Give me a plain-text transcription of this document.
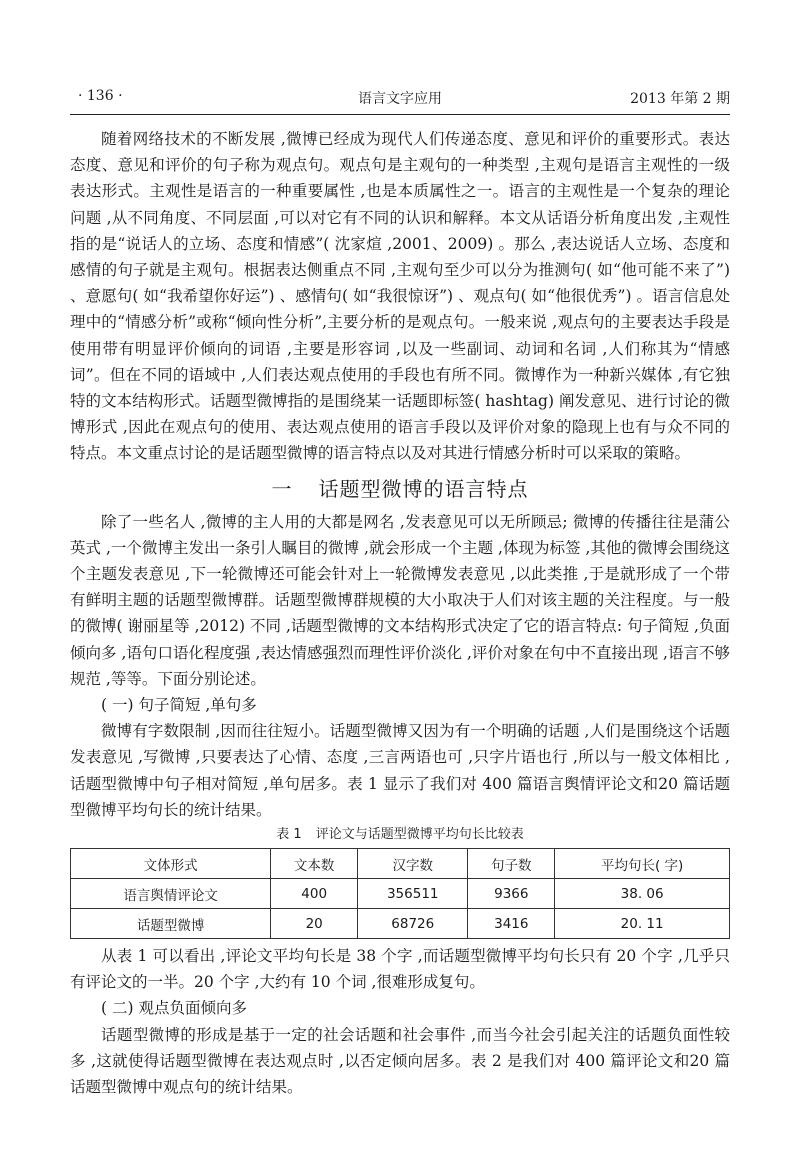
· 136 ·	语言文字应用	2013 年第 2 期

随着网络技术的不断发展 ,微博已经成为现代人们传递态度、意见和评价的重要形式。表达态度、意见和评价的句子称为观点句。观点句是主观句的一种类型 ,主观句是语言主观性的一级表达形式。主观性是语言的一种重要属性 ,也是本质属性之一。语言的主观性是一个复杂的理论问题 ,从不同角度、不同层面 ,可以对它有不同的认识和解释。本文从话语分析角度出发 ,主观性指的是“说话人的立场、态度和情感”( 沈家煊 ,2001、2009) 。那么 ,表达说话人立场、态度和感情的句子就是主观句。根据表达侧重点不同 ,主观句至少可以分为推测句( 如“他可能不来了”) 、意愿句( 如“我希望你好运”) 、感情句( 如“我很惊讶”) 、观点句( 如“他很优秀”) 。语言信息处理中的“情感分析”或称“倾向性分析”,主要分析的是观点句。一般来说 ,观点句的主要表达手段是使用带有明显评价倾向的词语 ,主要是形容词 ,以及一些副词、动词和名词 ,人们称其为“情感词”。但在不同的语域中 ,人们表达观点使用的手段也有所不同。微博作为一种新兴媒体 ,有它独特的文本结构形式。话题型微博指的是围绕某一话题即标签( hashtag) 阐发意见、进行讨论的微博形式 ,因此在观点句的使用、表达观点使用的语言手段以及评价对象的隐现上也有与众不同的特点。本文重点讨论的是话题型微博的语言特点以及对其进行情感分析时可以采取的策略。

一 话题型微博的语言特点

除了一些名人 ,微博的主人用的大都是网名 ,发表意见可以无所顾忌; 微博的传播往往是蒲公英式 ,一个微博主发出一条引人瞩目的微博 ,就会形成一个主题 ,体现为标签 ,其他的微博会围绕这个主题发表意见 ,下一轮微博还可能会针对上一轮微博发表意见 ,以此类推 ,于是就形成了一个带有鲜明主题的话题型微博群。话题型微博群规模的大小取决于人们对该主题的关注程度。与一般的微博( 谢丽星等 ,2012) 不同 ,话题型微博的文本结构形式决定了它的语言特点: 句子简短 ,负面倾向多 ,语句口语化程度强 ,表达情感强烈而理性评价淡化 ,评价对象在句中不直接出现 ,语言不够规范 ,等等。下面分别论述。

( 一) 句子简短 ,单句多

微博有字数限制 ,因而往往短小。话题型微博又因为有一个明确的话题 ,人们是围绕这个话题发表意见 ,写微博 ,只要表达了心情、态度 ,三言两语也可 ,只字片语也行 ,所以与一般文体相比 ,话题型微博中句子相对简短 ,单句居多。表 1 显示了我们对 400 篇语言舆情评论文和20 篇话题型微博平均句长的统计结果。

表 1 评论文与话题型微博平均句长比较表
文体形式	文本数	汉字数	句子数	平均句长( 字)
语言舆情评论文	400	356511	9366	38. 06
话题型微博	20	68726	3416	20. 11

从表 1 可以看出 ,评论文平均句长是 38 个字 ,而话题型微博平均句长只有 20 个字 ,几乎只有评论文的一半。20 个字 ,大约有 10 个词 ,很难形成复句。

( 二) 观点负面倾向多

话题型微博的形成是基于一定的社会话题和社会事件 ,而当今社会引起关注的话题负面性较多 ,这就使得话题型微博在表达观点时 ,以否定倾向居多。表 2 是我们对 400 篇评论文和20 篇话题型微博中观点句的统计结果。
